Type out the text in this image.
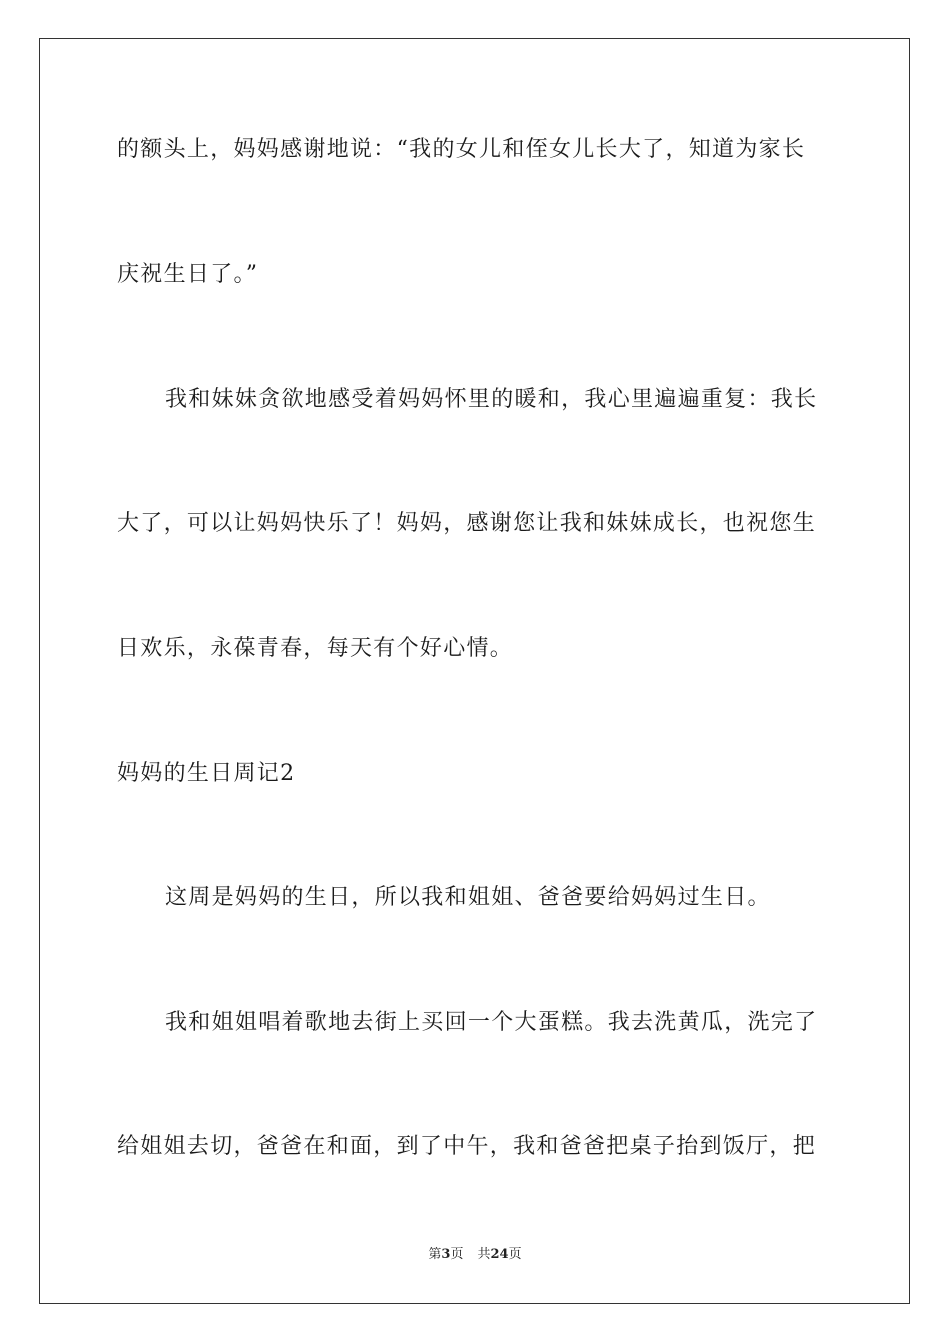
的额头上，妈妈感谢地说：“我的女儿和侄女儿长大了，知道为家长
庆祝生日了。”
我和妹妹贪欲地感受着妈妈怀里的暖和，我心里遍遍重复：我长
大了，可以让妈妈快乐了！妈妈，感谢您让我和妹妹成长，也祝您生
日欢乐，永葆青春，每天有个好心情。
妈妈的生日周记2
这周是妈妈的生日，所以我和姐姐、爸爸要给妈妈过生日。
我和姐姐唱着歌地去街上买回一个大蛋糕。我去洗黄瓜，洗完了
给姐姐去切，爸爸在和面，到了中午，我和爸爸把桌子抬到饭厅，把
第3页 共24页
